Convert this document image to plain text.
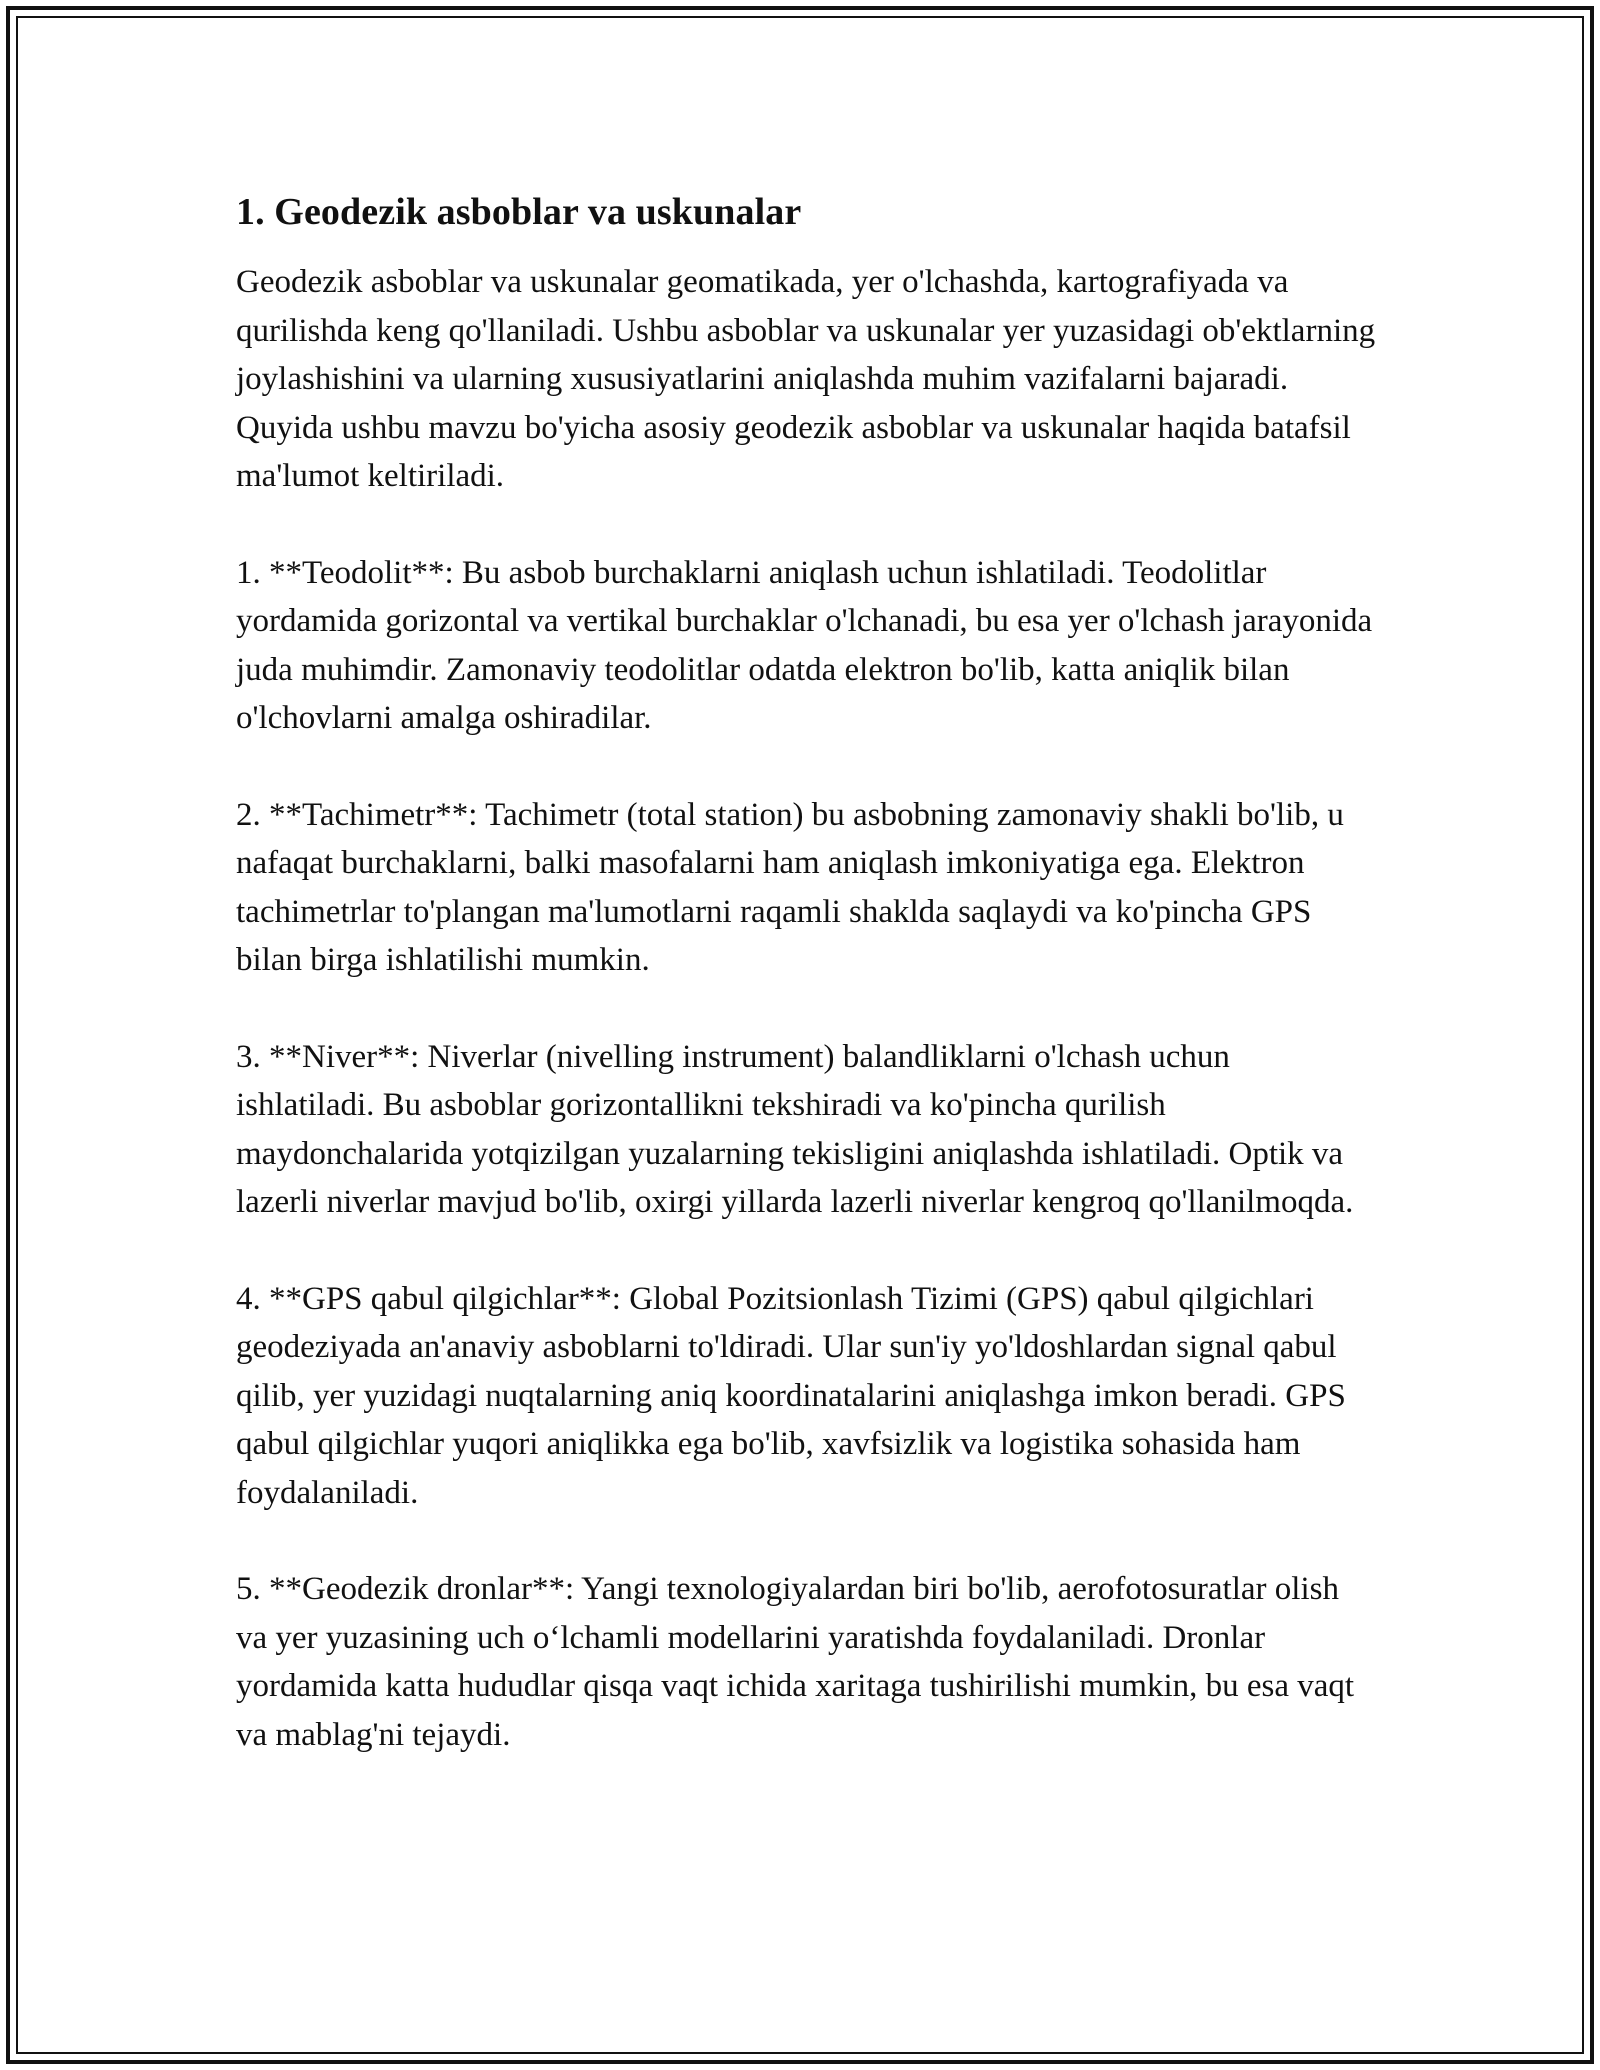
1. Geodezik asboblar va uskunalar

Geodezik asboblar va uskunalar geomatikada, yer o'lchashda, kartografiyada va qurilishda keng qo'llaniladi. Ushbu asboblar va uskunalar yer yuzasidagi ob'ektlarning joylashishini va ularning xususiyatlarini aniqlashda muhim vazifalarni bajaradi. Quyida ushbu mavzu bo'yicha asosiy geodezik asboblar va uskunalar haqida batafsil ma'lumot keltiriladi.

1. **Teodolit**: Bu asbob burchaklarni aniqlash uchun ishlatiladi. Teodolitlar yordamida gorizontal va vertikal burchaklar o'lchanadi, bu esa yer o'lchash jarayonida juda muhimdir. Zamonaviy teodolitlar odatda elektron bo'lib, katta aniqlik bilan o'lchovlarni amalga oshiradilar.

2. **Tachimetr**: Tachimetr (total station) bu asbobning zamonaviy shakli bo'lib, u nafaqat burchaklarni, balki masofalarni ham aniqlash imkoniyatiga ega. Elektron tachimetrlar to'plangan ma'lumotlarni raqamli shaklda saqlaydi va ko'pincha GPS bilan birga ishlatilishi mumkin.

3. **Niver**: Niverlar (nivelling instrument) balandliklarni o'lchash uchun ishlatiladi. Bu asboblar gorizontallikni tekshiradi va ko'pincha qurilish maydonchalarida yotqizilgan yuzalarning tekisligini aniqlashda ishlatiladi. Optik va lazerli niverlar mavjud bo'lib, oxirgi yillarda lazerli niverlar kengroq qo'llanilmoqda.

4. **GPS qabul qilgichlar**: Global Pozitsionlash Tizimi (GPS) qabul qilgichlari geodeziyada an'anaviy asboblarni to'ldiradi. Ular sun'iy yo'ldoshlardan signal qabul qilib, yer yuzidagi nuqtalarning aniq koordinatalarini aniqlashga imkon beradi. GPS qabul qilgichlar yuqori aniqlikka ega bo'lib, xavfsizlik va logistika sohasida ham foydalaniladi.

5. **Geodezik dronlar**: Yangi texnologiyalardan biri bo'lib, aerofotosuratlar olish va yer yuzasining uch o‘lchamli modellarini yaratishda foydalaniladi. Dronlar yordamida katta hududlar qisqa vaqt ichida xaritaga tushirilishi mumkin, bu esa vaqt va mablag'ni tejaydi.
